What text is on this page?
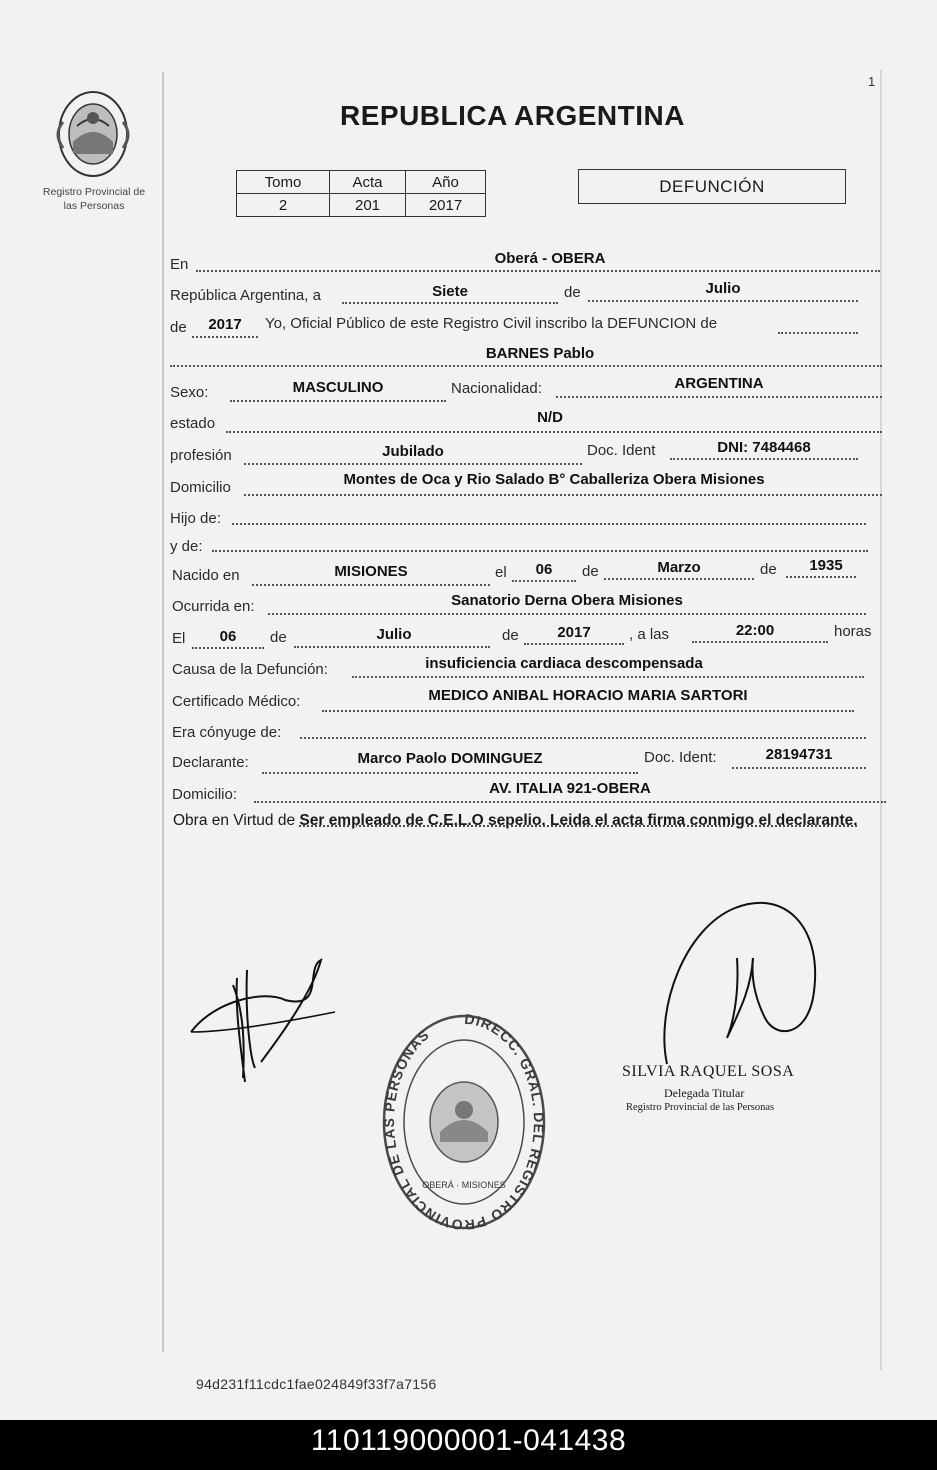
Registro Provincial de
las Personas
1
REPUBLICA ARGENTINA
Tomo	Acta	Año
2	201	2017
DEFUNCIÓN
En	Oberá - OBERA
República Argentina, a	Siete	de	Julio
de	2017	Yo, Oficial Público de este Registro Civil inscribo la DEFUNCION de
BARNES Pablo
Sexo:	MASCULINO	Nacionalidad:	ARGENTINA
estado	N/D
profesión	Jubilado	Doc. Ident	DNI: 7484468
Domicilio	Montes de Oca y Rio Salado B° Caballeriza Obera Misiones
Hijo de:
y de:
Nacido en	MISIONES	el	06	de	Marzo	de	1935
Ocurrida en:	Sanatorio Derna Obera Misiones
El	06	de	Julio	de	2017	, a las	22:00	horas
Causa de la Defunción:	insuficiencia cardiaca descompensada
Certificado Médico:	MEDICO ANIBAL HORACIO MARIA SARTORI
Era cónyuge de:
Declarante:	Marco Paolo DOMINGUEZ	Doc. Ident:	28194731
Domicilio:	AV. ITALIA 921-OBERA
Obra en Virtud de Ser empleado de C.E.L.O sepelio. Leida el acta firma conmigo el declarante.
DIRECC. GRAL. DEL REGISTRO PROVINCIAL DE LAS PERSONAS
OBERÁ · MISIONES
SILVIA RAQUEL SOSA
Delegada Titular
Registro Provincial de las Personas
94d231f11cdc1fae024849f33f7a7156
110119000001-041438
